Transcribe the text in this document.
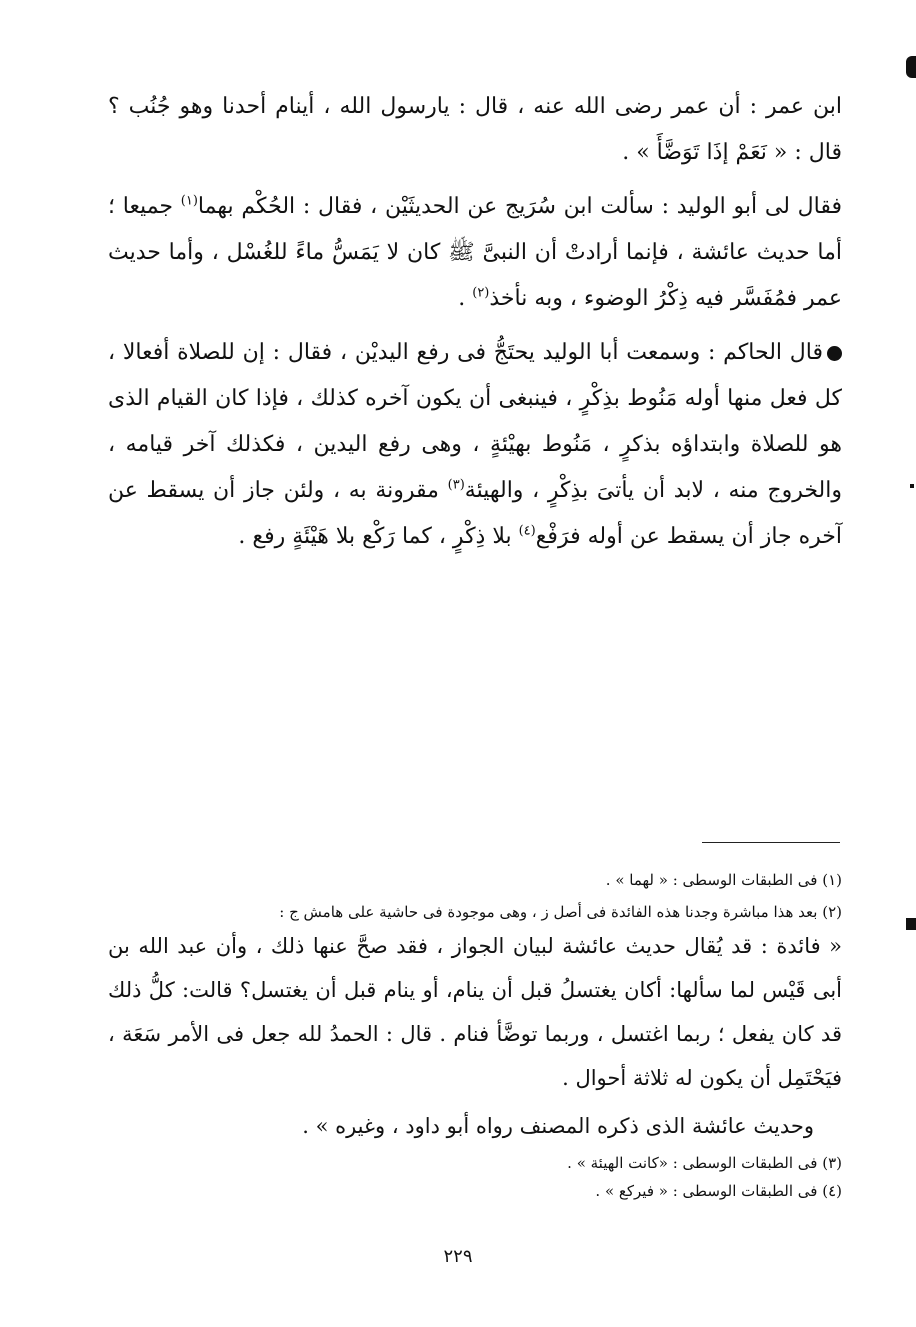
ابن عمر : أن عمر رضى الله عنه ، قال : يارسول الله ، أينام أحدنا وهو جُنُب ؟ قال : « نَعَمْ إذَا تَوَضَّأَ » .

فقال لى أبو الوليد : سألت ابن سُرَيج عن الحديثَيْن ، فقال : الحُكْم بهما$^{(١)}$ جميعا ؛ أما حديث عائشة ، فإنما أرادتْ أن النبىَّ ﷺ كان لا يَمَسُّ ماءً للغُسْل ، وأما حديث عمر فمُفَسَّر فيه ذِكْرُ الوضوء ، وبه نأخذ$^{(٢)}$ .

قال الحاكم : وسمعت أبا الوليد يحتَجُّ فى رفع اليديْن ، فقال : إن للصلاة أفعالا ، كل فعل منها أوله مَنُوط بذِكْرٍ ، فينبغى أن يكون آخره كذلك ، فإذا كان القيام الذى هو للصلاة وابتداؤه بذكرٍ ، مَنُوط بهيْئةٍ ، وهى رفع اليدين ، فكذلك آخر قيامه ، والخروج منه ، لابد أن يأتىَ بذِكْرٍ ، والهيئة$^{(٣)}$ مقرونة به ، ولئن جاز أن يسقط عن آخره جاز أن يسقط عن أوله فرَفْع$^{(٤)}$ بلا ذِكْرٍ ، كما رَكْع بلا هَيْئَةٍ رفع .

(١) فى الطبقات الوسطى : « لهما » .

(٢) بعد هذا مباشرة وجدنا هذه الفائدة فى أصل ز ، وهى موجودة فى حاشية على هامش ج :

« فائدة : قد يُقال حديث عائشة لبيان الجواز ، فقد صحَّ عنها ذلك ، وأن عبد الله بن أبى قَيْس لما سألها: أكان يغتسلُ قبل أن ينام، أو ينام قبل أن يغتسل؟ قالت: كلُّ ذلك قد كان يفعل ؛ ربما اغتسل ، وربما توضَّأ فنام . قال : الحمدُ لله جعل فى الأمر سَعَة ، فيَحْتَمِل أن يكون له ثلاثة أحوال .

وحديث عائشة الذى ذكره المصنف رواه أبو داود ، وغيره » .

(٣) فى الطبقات الوسطى : «كانت الهيئة » .

(٤) فى الطبقات الوسطى : « فيركع » .

٢٢٩
